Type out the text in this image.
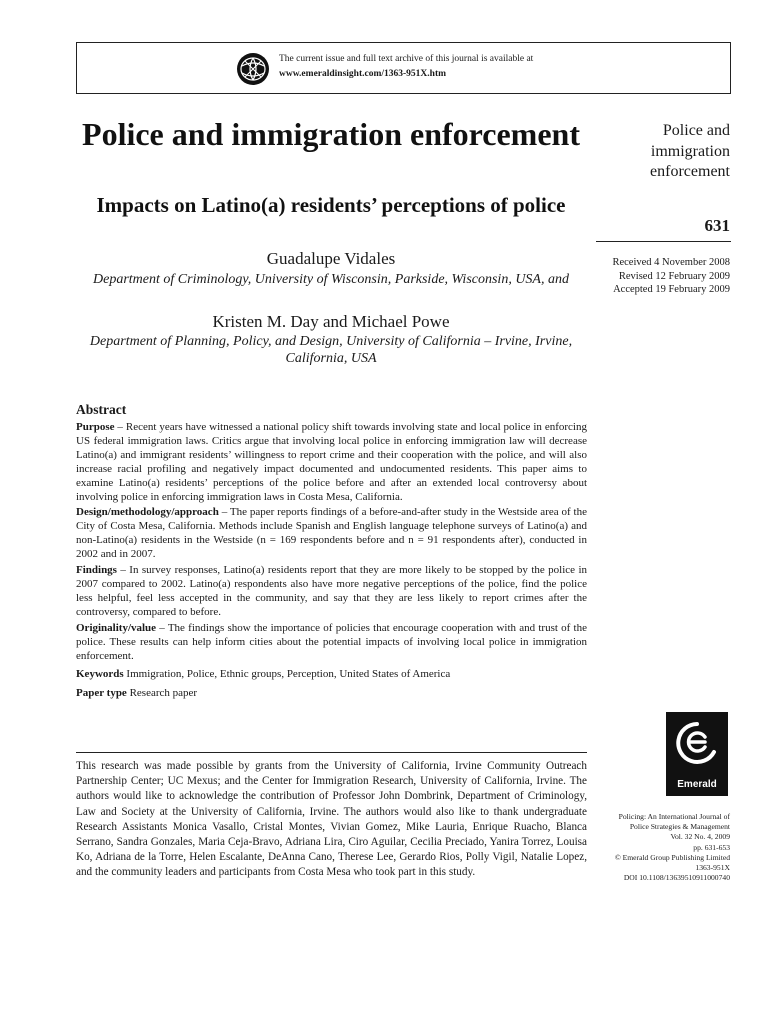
The current issue and full text archive of this journal is available at
www.emeraldinsight.com/1363-951X.htm
Police and immigration enforcement
Impacts on Latino(a) residents’ perceptions of police
Guadalupe Vidales
Department of Criminology, University of Wisconsin, Parkside, Wisconsin, USA, and
Kristen M. Day and Michael Powe
Department of Planning, Policy, and Design, University of California – Irvine, Irvine, California, USA
Police and immigration enforcement
631
Received 4 November 2008
Revised 12 February 2009
Accepted 19 February 2009
Abstract

Purpose – Recent years have witnessed a national policy shift towards involving state and local police in enforcing US federal immigration laws. Critics argue that involving local police in enforcing immigration law will decrease Latino(a) and immigrant residents’ willingness to report crime and their cooperation with the police, and will also increase racial profiling and negatively impact documented and undocumented residents. This paper aims to examine Latino(a) residents’ perceptions of the police before and after an extended local controversy about involving police in enforcing immigration laws in Costa Mesa, California.

Design/methodology/approach – The paper reports findings of a before-and-after study in the Westside area of the City of Costa Mesa, California. Methods include Spanish and English language telephone surveys of Latino(a) and non-Latino(a) residents in the Westside (n = 169 respondents before and n = 91 respondents after), conducted in 2002 and in 2007.

Findings – In survey responses, Latino(a) residents report that they are more likely to be stopped by the police in 2007 compared to 2002. Latino(a) respondents also have more negative perceptions of the police, find the police less helpful, feel less accepted in the community, and say that they are less likely to report crimes after the controversy, compared to before.

Originality/value – The findings show the importance of policies that encourage cooperation with and trust of the police. These results can help inform cities about the potential impacts of involving local police in immigration enforcement.

Keywords Immigration, Police, Ethnic groups, Perception, United States of America

Paper type Research paper

Emerald
This research was made possible by grants from the University of California, Irvine Community Outreach Partnership Center; UC Mexus; and the Center for Immigration Research, University of California, Irvine. The authors would like to acknowledge the contribution of Professor John Dombrink, Department of Criminology, Law and Society at the University of California, Irvine. The authors would also like to thank undergraduate Research Assistants Monica Vasallo, Cristal Montes, Vivian Gomez, Mike Lauria, Enrique Ruacho, Blanca Serrano, Sandra Gonzales, Maria Ceja-Bravo, Adriana Lira, Ciro Aguilar, Cecilia Preciado, Yanira Torrez, Louisa Ko, Adriana de la Torre, Helen Escalante, DeAnna Cano, Therese Lee, Gerardo Rios, Polly Vigil, Natalie Lopez, and the community leaders and participants from Costa Mesa who took part in this study.
Policing: An International Journal of
Police Strategies & Management
Vol. 32 No. 4, 2009
pp. 631-653
© Emerald Group Publishing Limited
1363-951X
DOI 10.1108/13639510911000740
